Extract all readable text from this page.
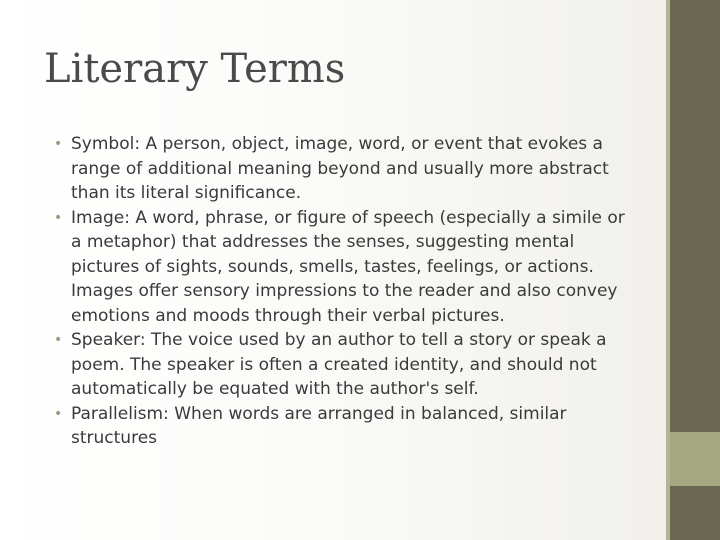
Literary Terms
• Symbol: A person, object, image, word, or event that evokes a range of additional meaning beyond and usually more abstract than its literal significance.
• Image: A word, phrase, or figure of speech (especially a simile or a metaphor) that addresses the senses, suggesting mental pictures of sights, sounds, smells, tastes, feelings, or actions. Images offer sensory impressions to the reader and also convey emotions and moods through their verbal pictures.
• Speaker: The voice used by an author to tell a story or speak a poem. The speaker is often a created identity, and should not automatically be equated with the author's self.
• Parallelism: When words are arranged in balanced, similar structures
